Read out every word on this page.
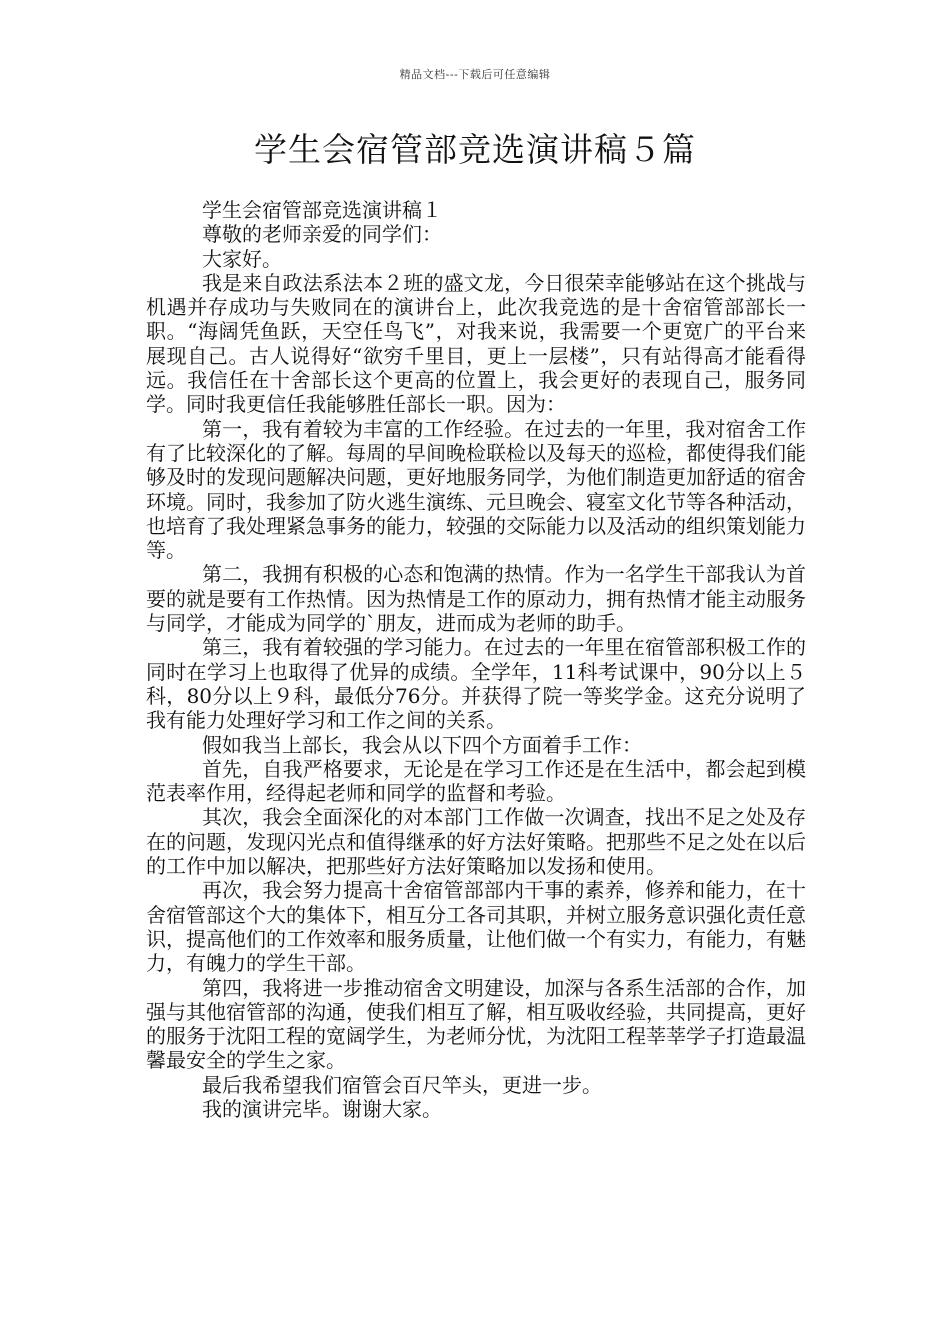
精品文档---下载后可任意编辑
学生会宿管部竞选演讲稿５篇

学生会宿管部竞选演讲稿１

尊敬的老师亲爱的同学们：

大家好。

我是来自政法系法本２班的盛文龙，今日很荣幸能够站在这个挑战与机遇并存成功与失败同在的演讲台上，此次我竞选的是十舍宿管部部长一职。“海阔凭鱼跃，天空任鸟飞”，对我来说，我需要一个更宽广的平台来展现自己。古人说得好“欲穷千里目，更上一层楼”，只有站得高才能看得远。我信任在十舍部长这个更高的位置上，我会更好的表现自己，服务同学。同时我更信任我能够胜任部长一职。因为：

第一，我有着较为丰富的工作经验。在过去的一年里，我对宿舍工作有了比较深化的了解。每周的早间晚检联检以及每天的巡检，都使得我们能够及时的发现问题解决问题，更好地服务同学，为他们制造更加舒适的宿舍环境。同时，我参加了防火逃生演练、元旦晚会、寝室文化节等各种活动，也培育了我处理紧急事务的能力，较强的交际能力以及活动的组织策划能力等。

第二，我拥有积极的心态和饱满的热情。作为一名学生干部我认为首要的就是要有工作热情。因为热情是工作的原动力，拥有热情才能主动服务与同学，才能成为同学的`朋友，进而成为老师的助手。

第三，我有着较强的学习能力。在过去的一年里在宿管部积极工作的同时在学习上也取得了优异的成绩。全学年，11科考试课中，90分以上５科，80分以上９科，最低分76分。并获得了院一等奖学金。这充分说明了我有能力处理好学习和工作之间的关系。

假如我当上部长，我会从以下四个方面着手工作：

首先，自我严格要求，无论是在学习工作还是在生活中，都会起到模范表率作用，经得起老师和同学的监督和考验。

其次，我会全面深化的对本部门工作做一次调查，找出不足之处及存在的问题，发现闪光点和值得继承的好方法好策略。把那些不足之处在以后的工作中加以解决，把那些好方法好策略加以发扬和使用。

再次，我会努力提高十舍宿管部部内干事的素养，修养和能力，在十舍宿管部这个大的集体下，相互分工各司其职，并树立服务意识强化责任意识，提高他们的工作效率和服务质量，让他们做一个有实力，有能力，有魅力，有魄力的学生干部。

第四，我将进一步推动宿舍文明建设，加深与各系生活部的合作，加强与其他宿管部的沟通，使我们相互了解，相互吸收经验，共同提高，更好的服务于沈阳工程的宽阔学生，为老师分忧，为沈阳工程莘莘学子打造最温馨最安全的学生之家。

最后我希望我们宿管会百尺竿头，更进一步。

我的演讲完毕。谢谢大家。
